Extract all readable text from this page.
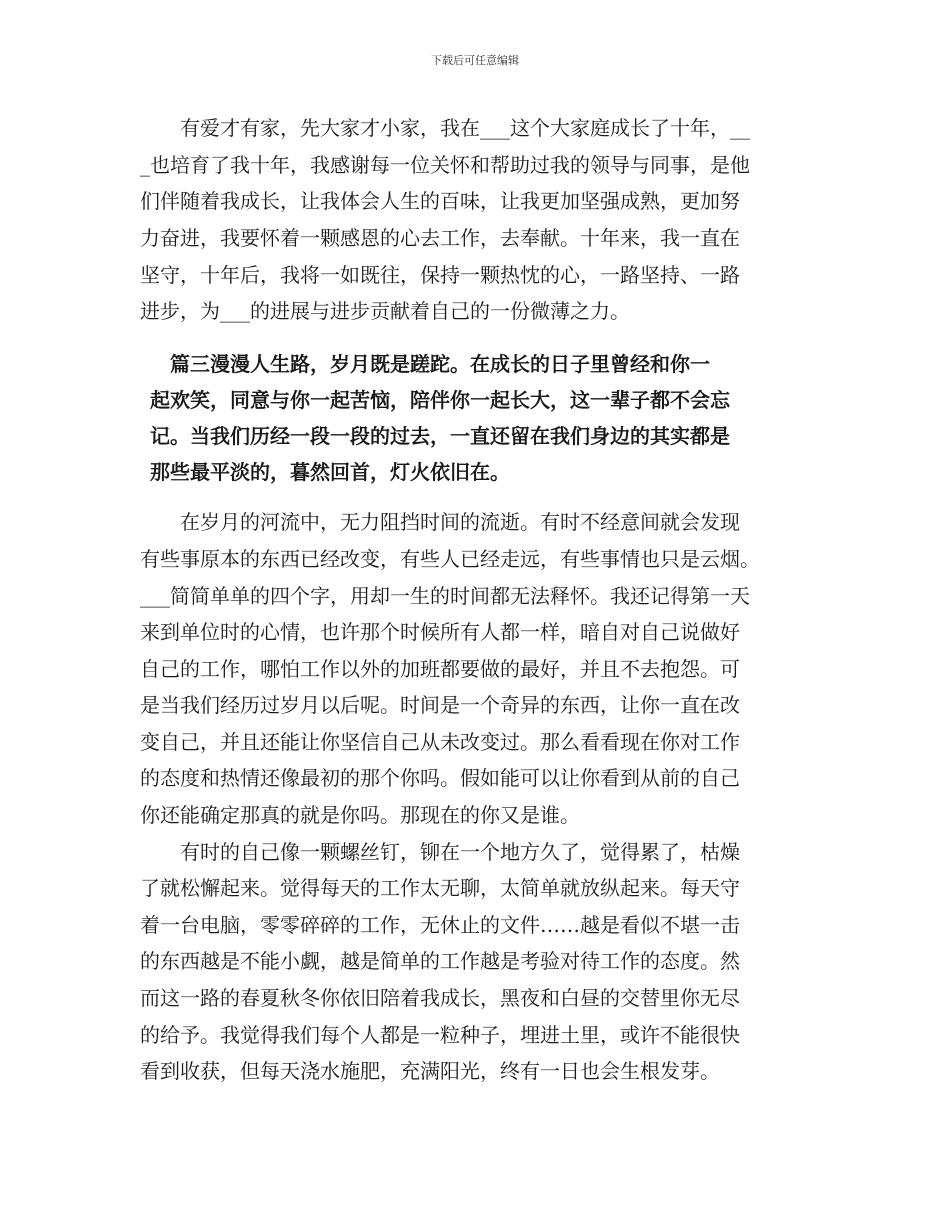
下载后可任意编辑
　　有爱才有家，先大家才小家，我在___这个大家庭成长了十年，__
_也培育了我十年，我感谢每一位关怀和帮助过我的领导与同事，是他
们伴随着我成长，让我体会人生的百味，让我更加坚强成熟，更加努
力奋进，我要怀着一颗感恩的心去工作，去奉献。十年来，我一直在
坚守，十年后，我将一如既往，保持一颗热忱的心，一路坚持、一路
进步，为___的进展与进步贡献着自己的一份微薄之力。
　篇三漫漫人生路，岁月既是蹉跎。在成长的日子里曾经和你一
起欢笑，同意与你一起苦恼，陪伴你一起长大，这一辈子都不会忘
记。当我们历经一段一段的过去，一直还留在我们身边的其实都是
那些最平淡的，暮然回首，灯火依旧在。
　　在岁月的河流中，无力阻挡时间的流逝。有时不经意间就会发现
有些事原本的东西已经改变，有些人已经走远，有些事情也只是云烟。
___简简单单的四个字，用却一生的时间都无法释怀。我还记得第一天
来到单位时的心情，也许那个时候所有人都一样，暗自对自己说做好
自己的工作，哪怕工作以外的加班都要做的最好，并且不去抱怨。可
是当我们经历过岁月以后呢。时间是一个奇异的东西，让你一直在改
变自己，并且还能让你坚信自己从未改变过。那么看看现在你对工作
的态度和热情还像最初的那个你吗。假如能可以让你看到从前的自己
你还能确定那真的就是你吗。那现在的你又是谁。
　　有时的自己像一颗螺丝钉，铆在一个地方久了，觉得累了，枯燥
了就松懈起来。觉得每天的工作太无聊，太简单就放纵起来。每天守
着一台电脑，零零碎碎的工作，无休止的文件……越是看似不堪一击
的东西越是不能小觑，越是简单的工作越是考验对待工作的态度。然
而这一路的春夏秋冬你依旧陪着我成长，黑夜和白昼的交替里你无尽
的给予。我觉得我们每个人都是一粒种子，埋进土里，或许不能很快
看到收获，但每天浇水施肥，充满阳光，终有一日也会生根发芽。
